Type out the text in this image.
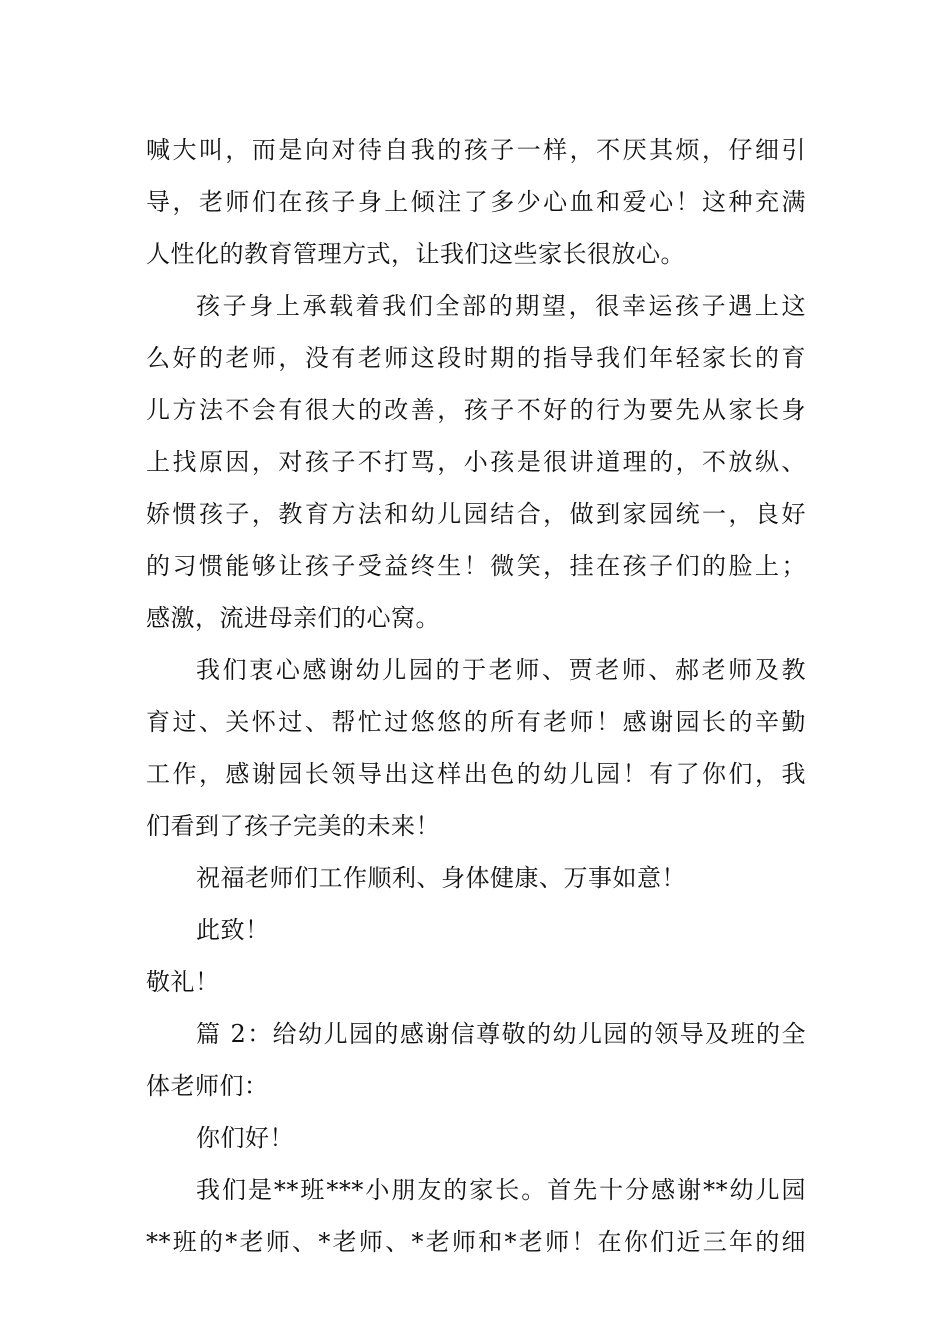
喊大叫，而是向对待自我的孩子一样，不厌其烦，仔细引
导，老师们在孩子身上倾注了多少心血和爱心！这种充满
人性化的教育管理方式，让我们这些家长很放心。
孩子身上承载着我们全部的期望，很幸运孩子遇上这
么好的老师，没有老师这段时期的指导我们年轻家长的育
儿方法不会有很大的改善，孩子不好的行为要先从家长身
上找原因，对孩子不打骂，小孩是很讲道理的，不放纵、
娇惯孩子，教育方法和幼儿园结合，做到家园统一，良好
的习惯能够让孩子受益终生！微笑，挂在孩子们的脸上；
感激，流进母亲们的心窝。
我们衷心感谢幼儿园的于老师、贾老师、郝老师及教
育过、关怀过、帮忙过悠悠的所有老师！感谢园长的辛勤
工作，感谢园长领导出这样出色的幼儿园！有了你们，我
们看到了孩子完美的未来！
祝福老师们工作顺利、身体健康、万事如意！
此致！
敬礼！
篇 2：给幼儿园的感谢信尊敬的幼儿园的领导及班的全
体老师们：
你们好！
我们是**班***小朋友的家长。首先十分感谢**幼儿园
**班的*老师、*老师、*老师和*老师！在你们近三年的细
